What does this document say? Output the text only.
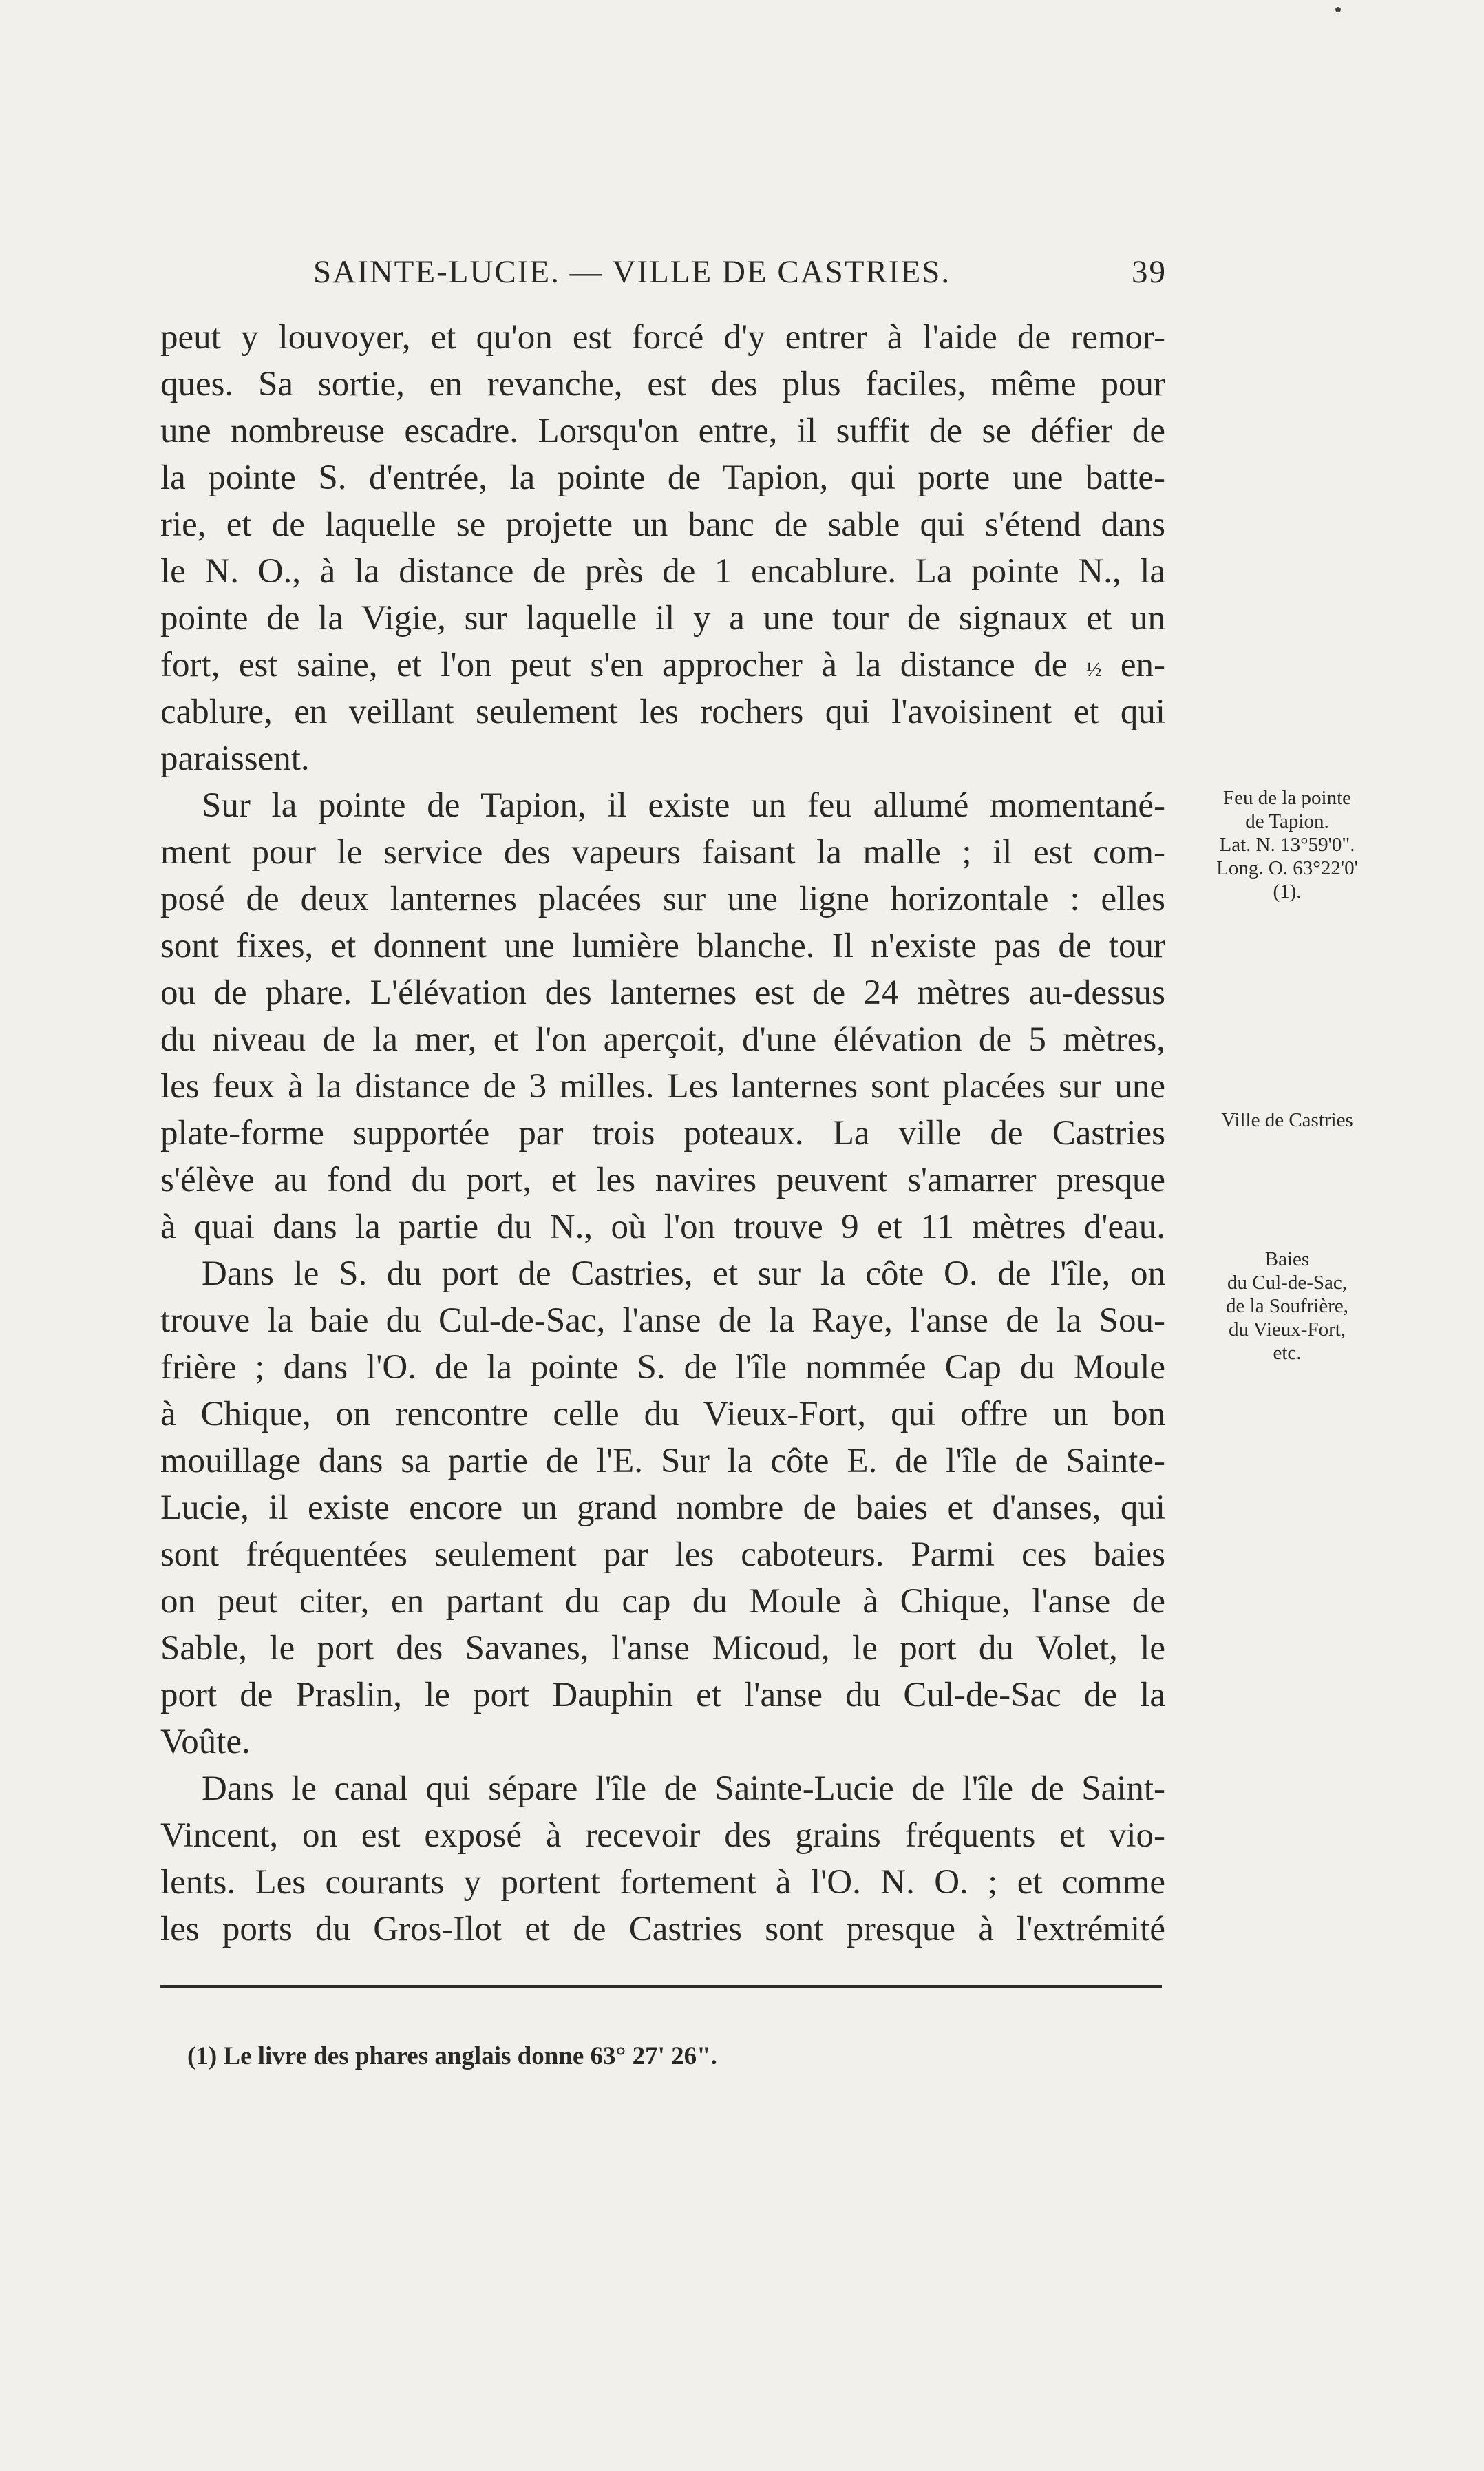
SAINTE-LUCIE. — VILLE DE CASTRIES.	39
peut y louvoyer, et qu'on est forcé d'y entrer à l'aide de remor-
ques. Sa sortie, en revanche, est des plus faciles, même pour
une nombreuse escadre. Lorsqu'on entre, il suffit de se défier de
la pointe S. d'entrée, la pointe de Tapion, qui porte une batte-
rie, et de laquelle se projette un banc de sable qui s'étend dans
le N. O., à la distance de près de 1 encablure. La pointe N., la
pointe de la Vigie, sur laquelle il y a une tour de signaux et un
fort, est saine, et l'on peut s'en approcher à la distance de ½ en-
cablure, en veillant seulement les rochers qui l'avoisinent et qui
paraissent.
Sur la pointe de Tapion, il existe un feu allumé momentané-
ment pour le service des vapeurs faisant la malle ; il est com-
posé de deux lanternes placées sur une ligne horizontale : elles
sont fixes, et donnent une lumière blanche. Il n'existe pas de tour
ou de phare. L'élévation des lanternes est de 24 mètres au-dessus
du niveau de la mer, et l'on aperçoit, d'une élévation de 5 mètres,
les feux à la distance de 3 milles. Les lanternes sont placées sur une
plate-forme supportée par trois poteaux. La ville de Castries
s'élève au fond du port, et les navires peuvent s'amarrer presque
à quai dans la partie du N., où l'on trouve 9 et 11 mètres d'eau.
Dans le S. du port de Castries, et sur la côte O. de l'île, on
trouve la baie du Cul-de-Sac, l'anse de la Raye, l'anse de la Sou-
frière ; dans l'O. de la pointe S. de l'île nommée Cap du Moule
à Chique, on rencontre celle du Vieux-Fort, qui offre un bon
mouillage dans sa partie de l'E. Sur la côte E. de l'île de Sainte-
Lucie, il existe encore un grand nombre de baies et d'anses, qui
sont fréquentées seulement par les caboteurs. Parmi ces baies
on peut citer, en partant du cap du Moule à Chique, l'anse de
Sable, le port des Savanes, l'anse Micoud, le port du Volet, le
port de Praslin, le port Dauphin et l'anse du Cul-de-Sac de la
Voûte.
Dans le canal qui sépare l'île de Sainte-Lucie de l'île de Saint-
Vincent, on est exposé à recevoir des grains fréquents et vio-
lents. Les courants y portent fortement à l'O. N. O. ; et comme
les ports du Gros-Ilot et de Castries sont presque à l'extrémité
Feu de la pointe
de Tapion.
Lat. N. 13°59'0".
Long. O. 63°22'0'
(1).
Ville de Castries
Baies
du Cul-de-Sac,
de la Soufrière,
du Vieux-Fort,
etc.
(1) Le livre des phares anglais donne 63° 27' 26".
